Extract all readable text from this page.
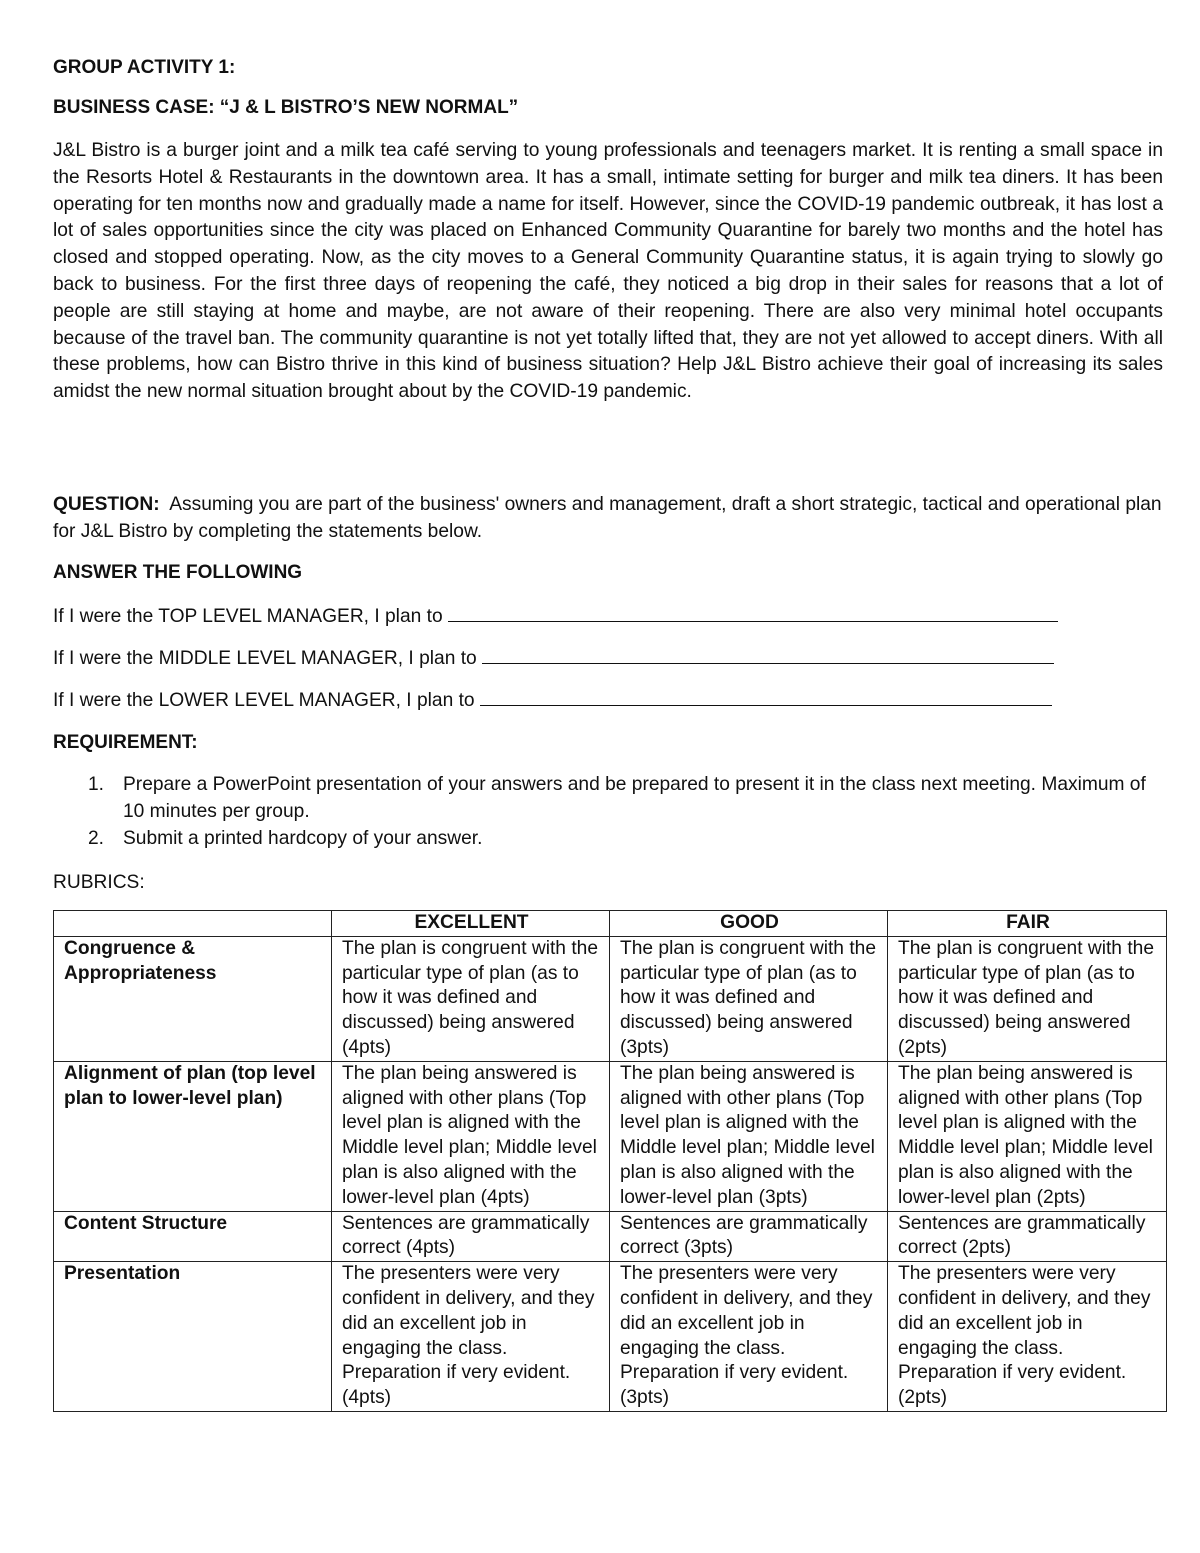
GROUP ACTIVITY 1:

BUSINESS CASE: “J & L BISTRO’S NEW NORMAL”

J&L Bistro is a burger joint and a milk tea café serving to young professionals and teenagers market. It is renting a small space in the Resorts Hotel & Restaurants in the downtown area. It has a small, intimate setting for burger and milk tea diners. It has been operating for ten months now and gradually made a name for itself. However, since the COVID-19 pandemic outbreak, it has lost a lot of sales opportunities since the city was placed on Enhanced Community Quarantine for barely two months and the hotel has closed and stopped operating. Now, as the city moves to a General Community Quarantine status, it is again trying to slowly go back to business. For the first three days of reopening the café, they noticed a big drop in their sales for reasons that a lot of people are still staying at home and maybe, are not aware of their reopening. There are also very minimal hotel occupants because of the travel ban. The community quarantine is not yet totally lifted that, they are not yet allowed to accept diners. With all these problems, how can Bistro thrive in this kind of business situation? Help J&L Bistro achieve their goal of increasing its sales amidst the new normal situation brought about by the COVID-19 pandemic.

QUESTION: Assuming you are part of the business' owners and management, draft a short strategic, tactical and operational plan for J&L Bistro by completing the statements below.

ANSWER THE FOLLOWING

If I were the TOP LEVEL MANAGER, I plan to
If I were the MIDDLE LEVEL MANAGER, I plan to
If I were the LOWER LEVEL MANAGER, I plan to

REQUIREMENT:

1. Prepare a PowerPoint presentation of your answers and be prepared to present it in the class next meeting. Maximum of 10 minutes per group.
2. Submit a printed hardcopy of your answer.
RUBRICS:
	EXCELLENT	GOOD	FAIR
Congruence & Appropriateness	The plan is congruent with the particular type of plan (as to how it was defined and discussed) being answered (4pts)	The plan is congruent with the particular type of plan (as to how it was defined and discussed) being answered (3pts)	The plan is congruent with the particular type of plan (as to how it was defined and discussed) being answered (2pts)
Alignment of plan (top level plan to lower-level plan)	The plan being answered is aligned with other plans (Top level plan is aligned with the Middle level plan; Middle level plan is also aligned with the lower-level plan (4pts)	The plan being answered is aligned with other plans (Top level plan is aligned with the Middle level plan; Middle level plan is also aligned with the lower-level plan (3pts)	The plan being answered is aligned with other plans (Top level plan is aligned with the Middle level plan; Middle level plan is also aligned with the lower-level plan (2pts)
Content Structure	Sentences are grammatically correct (4pts)	Sentences are grammatically correct (3pts)	Sentences are grammatically correct (2pts)
Presentation	The presenters were very confident in delivery, and they did an excellent job in engaging the class. Preparation if very evident. (4pts)	The presenters were very confident in delivery, and they did an excellent job in engaging the class. Preparation if very evident. (3pts)	The presenters were very confident in delivery, and they did an excellent job in engaging the class. Preparation if very evident. (2pts)
